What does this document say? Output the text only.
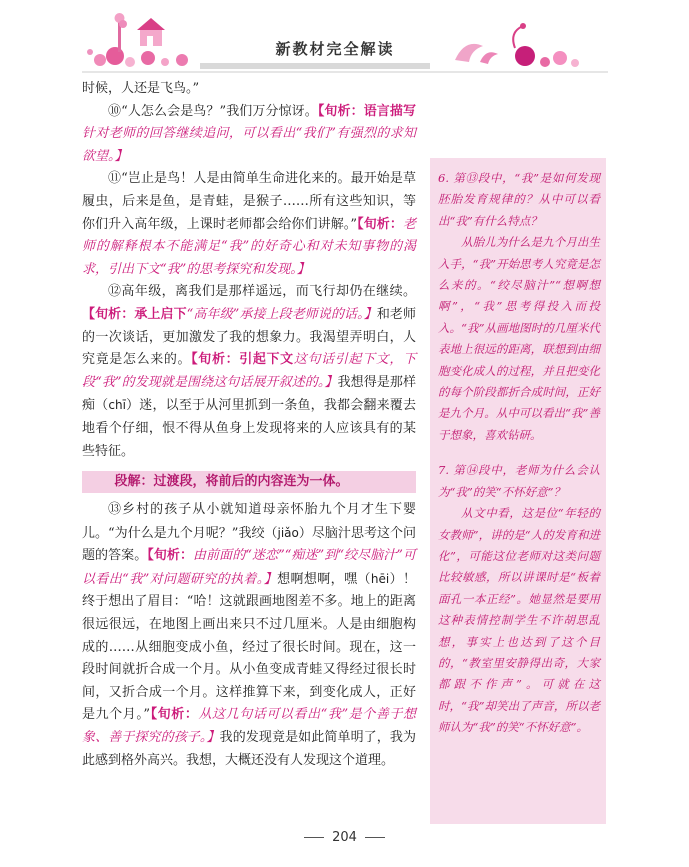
新教材完全解读

时候，人还是飞鸟。”

⑩“人怎么会是鸟？”我们万分惊讶。【旬析：语言描写针对老师的回答继续追问，可以看出“我们”有强烈的求知欲望。】

⑪“岂止是鸟！人是由简单生命进化来的。最开始是草履虫，后来是鱼，是青蛙，是猴子……所有这些知识，等你们升入高年级，上课时老师都会给你们讲解。”【旬析：老师的解释根本不能满足“我”的好奇心和对未知事物的渴求，引出下文“我”的思考探究和发现。】

⑫高年级，离我们是那样遥远，而飞行却仍在继续。【旬析：承上启下“高年级”承接上段老师说的话。】和老师的一次谈话，更加激发了我的想象力。我渴望弄明白，人究竟是怎么来的。【旬析：引起下文这句话引起下文，下段“我”的发现就是围绕这句话展开叙述的。】我想得是那样痴（chī）迷，以至于从河里抓到一条鱼，我都会翻来覆去地看个仔细，恨不得从鱼身上发现将来的人应该具有的某些特征。

段解：过渡段，将前后的内容连为一体。

⑬乡村的孩子从小就知道母亲怀胎九个月才生下婴儿。“为什么是九个月呢？”我绞（jiǎo）尽脑汁思考这个问题的答案。【旬析：由前面的“迷恋”“痴迷”到“绞尽脑汁”可以看出“我”对问题研究的执着。】想啊想啊，嘿（hēi）！终于想出了眉目：“哈！这就跟画地图差不多。地上的距离很远很远，在地图上画出来只不过几厘米。人是由细胞构成的……从细胞变成小鱼，经过了很长时间。现在，这一段时间就折合成一个月。从小鱼变成青蛙又得经过很长时间，又折合成一个月。这样推算下来，到变化成人，正好是九个月。”【旬析：从这几句话可以看出“我”是个善于想象、善于探究的孩子。】我的发现竟是如此简单明了，我为此感到格外高兴。我想，大概还没有人发现这个道理。

6. 第⑬段中，“我”是如何发现胚胎发育规律的？从中可以看出“我”有什么特点？

从胎儿为什么是九个月出生入手，“我”开始思考人究竟是怎么来的。“绞尽脑汁”“想啊想啊”，“我”思考得投入而投入。“我”从画地图时的几厘米代表地上很远的距离，联想到由细胞变化成人的过程，并且把变化的每个阶段都折合成时间，正好是九个月。从中可以看出“我”善于想象，喜欢钻研。

7. 第⑭段中，老师为什么会认为“我”的笑“不怀好意”？

从文中看，这是位“年轻的女教师”，讲的是“人的发育和进化”，可能这位老师对这类问题比较敏感，所以讲课时是“板着面孔一本正经”。她显然是要用这种表情控制学生不许胡思乱想，事实上也达到了这个目的，“教室里安静得出奇，大家都跟不作声”。可就在这时，“我”却笑出了声音，所以老师认为“我”的笑“不怀好意”。

204
